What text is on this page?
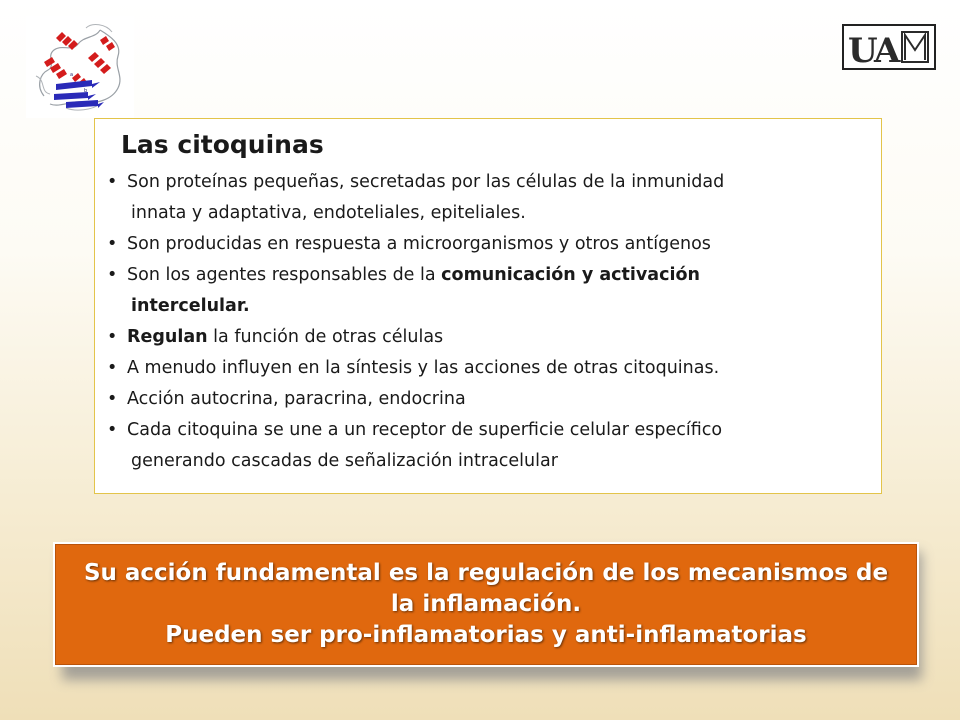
a
b
U
A
Las citoquinas
• Son proteínas pequeñas, secretadas por las células de la inmunidad
innata y adaptativa, endoteliales, epiteliales.
• Son producidas en respuesta a microorganismos y otros antígenos
• Son los agentes responsables de la comunicación y activación
intercelular.
• Regulan la función de otras células
• A menudo influyen en la síntesis y las acciones de otras citoquinas.
• Acción autocrina, paracrina, endocrina
• Cada citoquina se une a un receptor de superficie celular específico
generando cascadas de señalización intracelular
Su acción fundamental es la regulación de los mecanismos de
la inflamación.
Pueden ser pro-inflamatorias y anti-inflamatorias
